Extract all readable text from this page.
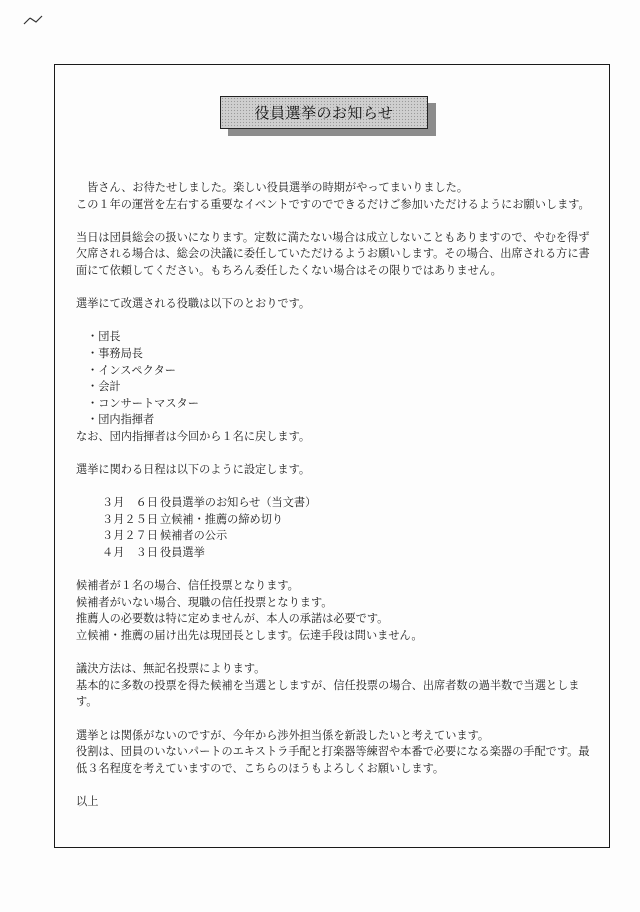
役員選挙のお知らせ

皆さん、お待たせしました。楽しい役員選挙の時期がやってまいりました。

この１年の運営を左右する重要なイベントですのでできるだけご参加いただけるようにお願いします。

当日は団員総会の扱いになります。定数に満たない場合は成立しないこともありますので、やむを得ず欠席される場合は、総会の決議に委任していただけるようお願いします。その場合、出席される方に書面にて依頼してください。もちろん委任したくない場合はその限りではありません。

選挙にて改選される役職は以下のとおりです。

・団長
・事務局長
・インスペクター
・会計
・コンサートマスター
・団内指揮者

なお、団内指揮者は今回から１名に戻します。

選挙に関わる日程は以下のように設定します。

３月　６日 役員選挙のお知らせ（当文書）
３月２５日 立候補・推薦の締め切り
３月２７日 候補者の公示
４月　３日 役員選挙

候補者が１名の場合、信任投票となります。

候補者がいない場合、現職の信任投票となります。

推薦人の必要数は特に定めませんが、本人の承諾は必要です。

立候補・推薦の届け出先は現団長とします。伝達手段は問いません。

議決方法は、無記名投票によります。

基本的に多数の投票を得た候補を当選としますが、信任投票の場合、出席者数の過半数で当選とします。

選挙とは関係がないのですが、今年から渉外担当係を新設したいと考えています。

役割は、団員のいないパートのエキストラ手配と打楽器等練習や本番で必要になる楽器の手配です。最低３名程度を考えていますので、こちらのほうもよろしくお願いします。

以上
